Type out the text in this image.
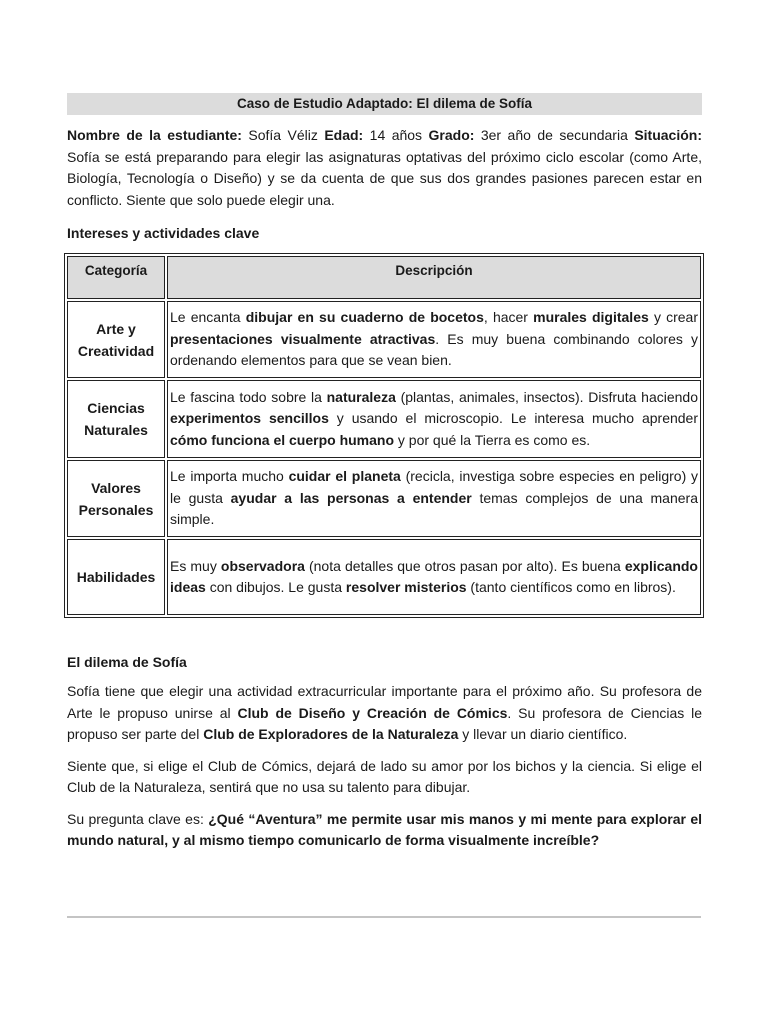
Caso de Estudio Adaptado: El dilema de Sofía

Nombre de la estudiante: Sofía Véliz Edad: 14 años Grado: 3er año de secundaria Situación: Sofía se está preparando para elegir las asignaturas optativas del próximo ciclo escolar (como Arte, Biología, Tecnología o Diseño) y se da cuenta de que sus dos grandes pasiones parecen estar en conflicto. Siente que solo puede elegir una.

Intereses y actividades clave
Categoría	Descripción
Arte y Creatividad	Le encanta dibujar en su cuaderno de bocetos, hacer murales digitales y crear presentaciones visualmente atractivas. Es muy buena combinando colores y ordenando elementos para que se vean bien.
Ciencias Naturales	Le fascina todo sobre la naturaleza (plantas, animales, insectos). Disfruta haciendo experimentos sencillos y usando el microscopio. Le interesa mucho aprender cómo funciona el cuerpo humano y por qué la Tierra es como es.
Valores Personales	Le importa mucho cuidar el planeta (recicla, investiga sobre especies en peligro) y le gusta ayudar a las personas a entender temas complejos de una manera simple.
Habilidades	Es muy observadora (nota detalles que otros pasan por alto). Es buena explicando ideas con dibujos. Le gusta resolver misterios (tanto científicos como en libros).
El dilema de Sofía

Sofía tiene que elegir una actividad extracurricular importante para el próximo año. Su profesora de Arte le propuso unirse al Club de Diseño y Creación de Cómics. Su profesora de Ciencias le propuso ser parte del Club de Exploradores de la Naturaleza y llevar un diario científico.

Siente que, si elige el Club de Cómics, dejará de lado su amor por los bichos y la ciencia. Si elige el Club de la Naturaleza, sentirá que no usa su talento para dibujar.

Su pregunta clave es: ¿Qué “Aventura” me permite usar mis manos y mi mente para explorar el mundo natural, y al mismo tiempo comunicarlo de forma visualmente increíble?
